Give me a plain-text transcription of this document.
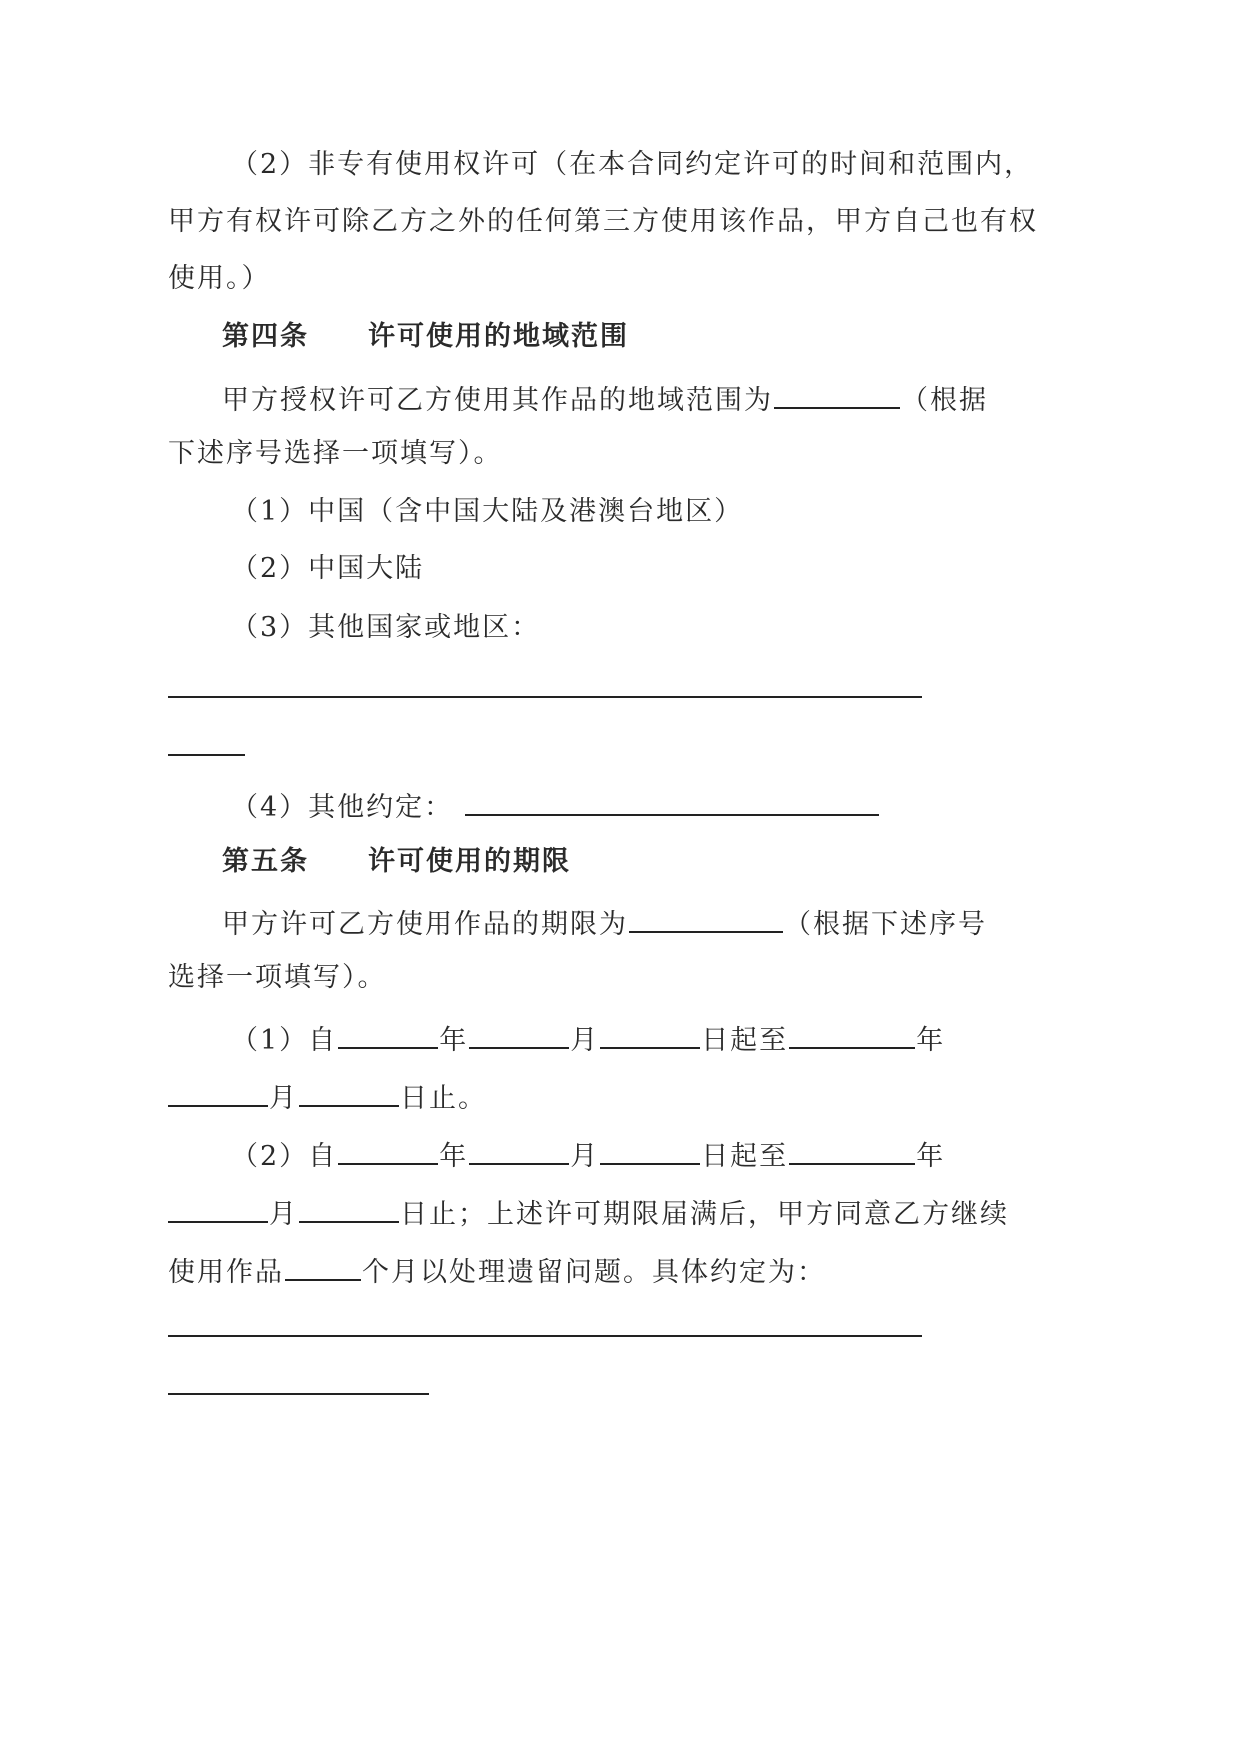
（2）非专有使用权许可（在本合同约定许可的时间和范围内，
甲方有权许可除乙方之外的任何第三方使用该作品，甲方自己也有权
使用。）
第四条 许可使用的地域范围
甲方授权许可乙方使用其作品的地域范围为	（根据
下述序号选择一项填写）。
（1）中国（含中国大陆及港澳台地区）
（2）中国大陆
（3）其他国家或地区：
（4）其他约定：
第五条 许可使用的期限
甲方许可乙方使用作品的期限为	（根据下述序号
选择一项填写）。
（1）自	年	月	日起至	年
月	日止。
（2）自	年	月	日起至	年
月	日止；上述许可期限届满后，甲方同意乙方继续
使用作品	个月以处理遗留问题。具体约定为：
